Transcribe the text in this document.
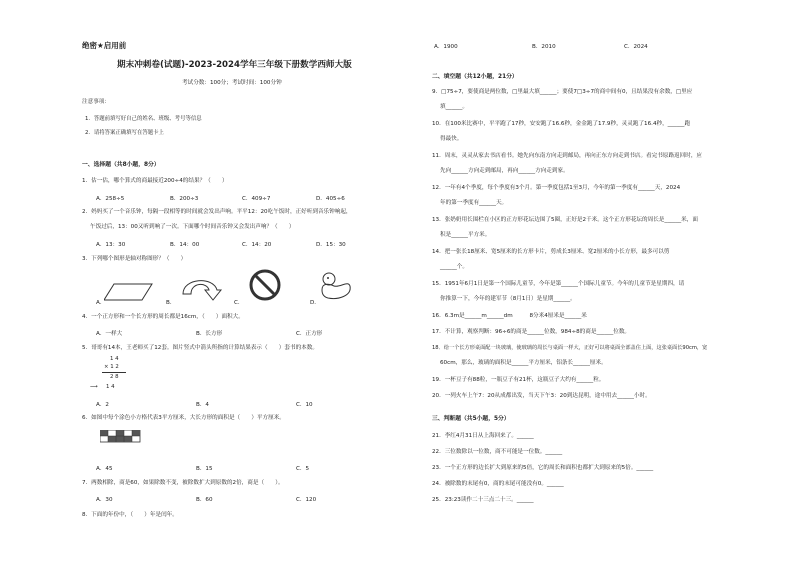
绝密★启用前
期末冲刺卷(试题)-2023-2024学年三年级下册数学西师大版
考试分数：100分；考试时间：100分钟
注意事项：
1．答题前填写好自己的姓名、班级、考号等信息
2．请将答案正确填写在答题卡上
一、选择题（共8小题，8分）
1．估一估，哪个算式的商最接近200÷4的结果？（　　）
A．258÷5	B．200÷3	C．409÷7	D．405÷6
2．妈妈买了一个音乐钟，每隔一段相等的时间就会发出声响。平平12：20吃午饭时，正好听到音乐钟响起，
午饭过后，13：00又听到响了一次。下面哪个时间音乐钟又会发出声响？（　　）
A．13：30	B．14：00	C．14：20	D．15：30
3．下列哪个图形是轴对称图形？（　　）
A．	B．	C．	D．
4．一个正方形和一个长方形的周长都是16cm，（　　）面积大。
A．一样大	B．长方形	C．正方形
5．哥哥有14本，王老师买了12套。图片竖式中箭头所指的计算结果表示（　　）套书的本数。
1 4
× 1 2
2 8
⟶ 1 4
A．2	B．4	C．10
6．如图中每个涂色小方格代表3平方厘米，大长方形的面积是（　　）平方厘米。
A．45	B．15	C．5
7．两数相除，商是60，如果除数不变，被除数扩大到原数的2倍，商是（　　）。
A．30	B．60	C．120
8．下面的年份中，（　　）年是闰年。
A．1900	B．2010	C．2024
二、填空题（共12小题，21分）
9．□75÷7，要使商是两位数，□里最大填______；要使7□3÷7的商中间有0，且结果没有余数，□里应
填______。
10．在100米比赛中，平平跑了17秒，安安跑了16.6秒，金金跑了17.9秒，灵灵跑了16.4秒，______跑
得最快。
11．周末，灵灵从家去书店看书。她先向东南方向走到邮局，再向正东方向走到书店。看完书原路返回时，应
先向______方向走到邮局，再向______方向走到家。
12．一年有4个季度，每个季度有3个月。第一季度包括1至3月，今年的第一季度有______天，2024
年的第一季度有______天。
13．张奶奶用长围栏在小区的正方形花坛边围了5圈，正好是2千米。这个正方形花坛的周长是______米，面
积是______平方米。
14．把一张长18厘米、宽5厘米的长方形卡片，剪成长3厘米、宽2厘米的小长方形，最多可以剪
______个。
15．1951年6月1日是第一个国际儿童节，今年是第______个国际儿童节。今年的儿童节是星期四，请
你推算一下，今年的建军节（8月1日）是星期______。
16．6.3m是______m______dm　　　8分米4厘米是______米
17．不计算，观察判断：96÷6的商是______位数，984÷8的商是______位数。
18．给一个长方形桌面配一块玻璃，使玻璃的周长与桌面一样大，正好可以将桌面全部盖住上面，这张桌面长90cm，宽
60cm，那么，玻璃的面积是______平方厘米，铝条长______厘米。
19．一杯豆子有88粒，一瓶豆子有21杯，这瓶豆子大约有______粒。
20．一列火车上午7：20从成都出发，当天下午3：20到达昆明，途中用去______小时。
三、判断题（共5小题，5分）
21．李红4月31日从上海回来了。______
22．三位数除以一位数，商不可能是一位数。______
23．一个正方形的边长扩大到原来的5倍，它的周长和面积也都扩大到原来的5倍。______
24．被除数的末尾有0，商的末尾可能没有0。______
25．23:23读作二十三点二十三。______
